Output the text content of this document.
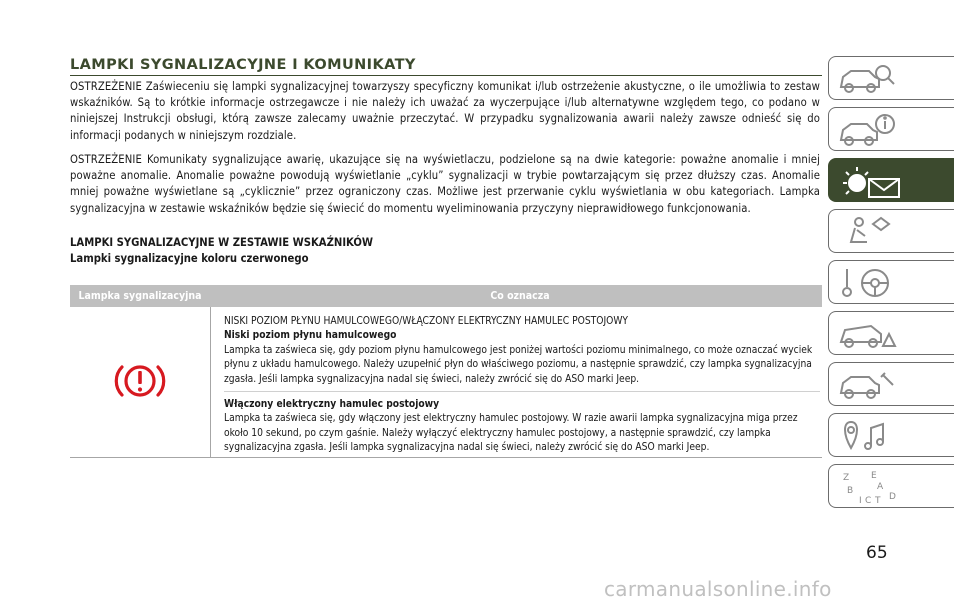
LAMPKI SYGNALIZACYJNE I KOMUNIKATY

OSTRZEŻENIE Zaświeceniu się lampki sygnalizacyjnej towarzyszy specyficzny komunikat i/lub ostrzeżenie akustyczne, o ile umożliwia to zestaw wskaźników. Są to krótkie informacje ostrzegawcze i nie należy ich uważać za wyczerpujące i/lub alternatywne względem tego, co podano w niniejszej Instrukcji obsługi, którą zawsze zalecamy uważnie przeczytać. W przypadku sygnalizowania awarii należy zawsze odnieść się do informacji podanych w niniejszym rozdziale.

OSTRZEŻENIE Komunikaty sygnalizujące awarię, ukazujące się na wyświetlaczu, podzielone są na dwie kategorie: poważne anomalie i mniej poważne anomalie. Anomalie poważne powodują wyświetlanie „cyklu” sygnalizacji w trybie powtarzającym się przez dłuższy czas. Anomalie mniej poważne wyświetlane są „cyklicznie” przez ograniczony czas. Możliwe jest przerwanie cyklu wyświetlania w obu kategoriach. Lampka sygnalizacyjna w zestawie wskaźników będzie się świecić do momentu wyeliminowania przyczyny nieprawidłowego funkcjonowania.

LAMPKI SYGNALIZACYJNE W ZESTAWIE WSKAŹNIKÓW

Lampki sygnalizacyjne koloru czerwonego

Lampka sygnalizacyjna	Co oznacza

NISKI POZIOM PŁYNU HAMULCOWEGO/WŁĄCZONY ELEKTRYCZNY HAMULEC POSTOJOWY

Niski poziom płynu hamulcowego

Lampka ta zaświeca się, gdy poziom płynu hamulcowego jest poniżej wartości poziomu minimalnego, co może oznaczać wyciek płynu z układu hamulcowego. Należy uzupełnić płyn do właściwego poziomu, a następnie sprawdzić, czy lampka sygnalizacyjna zgasła. Jeśli lampka sygnalizacyjna nadal się świeci, należy zwrócić się do ASO marki Jeep.

Włączony elektryczny hamulec postojowy

Lampka ta zaświeca się, gdy włączony jest elektryczny hamulec postojowy. W razie awarii lampka sygnalizacyjna miga przez około 10 sekund, po czym gaśnie. Należy wyłączyć elektryczny hamulec postojowy, a następnie sprawdzić, czy lampka sygnalizacyjna zgasła. Jeśli lampka sygnalizacyjna nadal się świeci, należy zwrócić się do ASO marki Jeep.

Z E
B	A
I C T D
65
carmanualsonline.info
